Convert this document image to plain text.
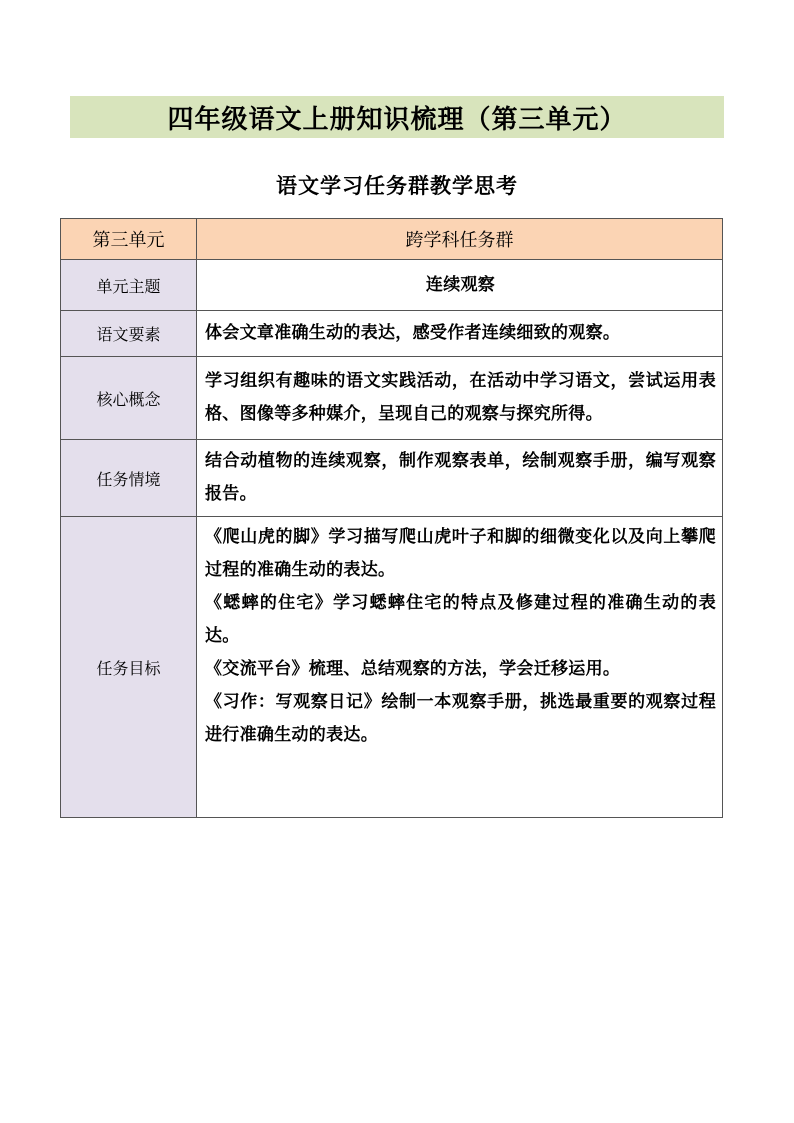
四年级语文上册知识梳理（第三单元）
语文学习任务群教学思考
第三单元	跨学科任务群
单元主题	连续观察
语文要素	体会文章准确生动的表达，感受作者连续细致的观察。
核心概念	学习组织有趣味的语文实践活动，在活动中学习语文，尝试运用表格、图像等多种媒介，呈现自己的观察与探究所得。
任务情境	结合动植物的连续观察，制作观察表单，绘制观察手册，编写观察报告。
任务目标	《爬山虎的脚》学习描写爬山虎叶子和脚的细微变化以及向上攀爬过程的准确生动的表达。
《蟋蟀的住宅》学习蟋蟀住宅的特点及修建过程的准确生动的表达。
《交流平台》梳理、总结观察的方法，学会迁移运用。
《习作：写观察日记》绘制一本观察手册，挑选最重要的观察过程进行准确生动的表达。
